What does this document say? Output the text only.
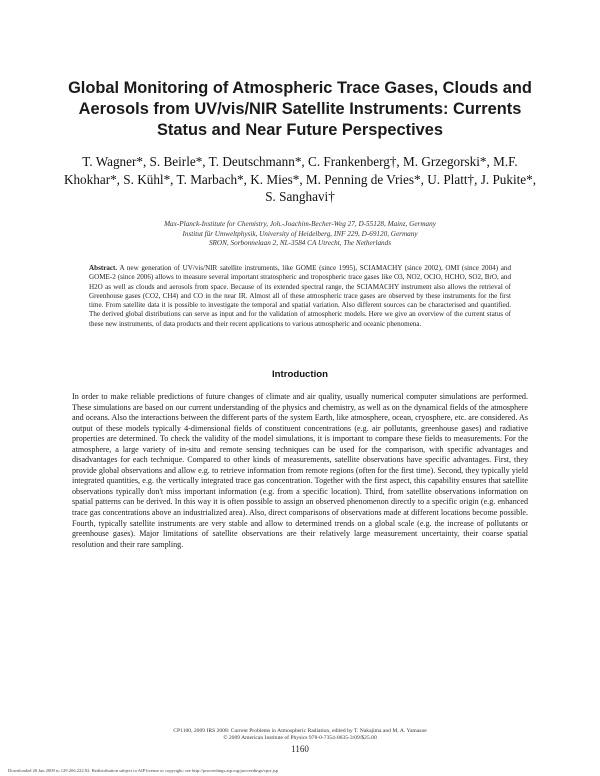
Global Monitoring of Atmospheric Trace Gases, Clouds and Aerosols from UV/vis/NIR Satellite Instruments: Currents Status and Near Future Perspectives
T. Wagner*, S. Beirle*, T. Deutschmann*, C. Frankenberg†, M. Grzegorski*, M.F. Khokhar*, S. Kühl*, T. Marbach*, K. Mies*, M. Penning de Vries*, U. Platt†, J. Pukite*, S. Sanghavi†
Max-Planck-Institute for Chemistry, Joh.-Joachim-Becher-Weg 27, D-55128, Mainz, Germany
Institut für Umweltphysik, University of Heidelberg, INF 229, D-69120, Germany
SRON, Sorbonnelaan 2, NL-3584 CA Utrecht, The Netherlands
Abstract. A new generation of UV/vis/NIR satellite instruments, like GOME (since 1995), SCIAMACHY (since 2002), OMI (since 2004) and GOME-2 (since 2006) allows to measure several important stratospheric and tropospheric trace gases like O3, NO2, OClO, HCHO, SO2, BrO, and H2O as well as clouds and aerosols from space. Because of its extended spectral range, the SCIAMACHY instrument also allows the retrieval of Greenhouse gases (CO2, CH4) and CO in the near IR. Almost all of these atmospheric trace gases are observed by these instruments for the first time. From satellite data it is possible to investigate the temporal and spatial variation. Also different sources can be characterised and quantified. The derived global distributions can serve as input and for the validation of atmospheric models. Here we give an overview of the current status of these new instruments, of data products and their recent applications to various atmospheric and oceanic phenomena.
Introduction
In order to make reliable predictions of future changes of climate and air quality, usually numerical computer simulations are performed. These simulations are based on our current understanding of the physics and chemistry, as well as on the dynamical fields of the atmosphere and oceans. Also the interactions between the different parts of the system Earth, like atmosphere, ocean, cryosphere, etc. are considered. As output of these models typically 4-dimensional fields of constituent concentrations (e.g. air pollutants, greenhouse gases) and radiative properties are determined. To check the validity of the model simulations, it is important to compare these fields to measurements. For the atmosphere, a large variety of in-situ and remote sensing techniques can be used for the comparison, with specific advantages and disadvantages for each technique. Compared to other kinds of measurements, satellite observations have specific advantages. First, they provide global observations and allow e.g. to retrieve information from remote regions (often for the first time). Second, they typically yield integrated quantities, e.g. the vertically integrated trace gas concentration. Together with the first aspect, this capability ensures that satellite observations typically don't miss important information (e.g. from a specific location). Third, from satellite observations information on spatial patterns can be derived. In this way it is often possible to assign an observed phenomenon directly to a specific origin (e.g. enhanced trace gas concentrations above an industrialized area). Also, direct comparisons of observations made at different locations become possible. Fourth, typically satellite instruments are very stable and allow to determined trends on a global scale (e.g. the increase of pollutants or greenhouse gases). Major limitations of satellite observations are their relatively large measurement uncertainty, their coarse spatial resolution and their rare sampling.
CP1100, 2009 IRS 2008: Current Problems in Atmospheric Radiation, edited by T. Nakajima and M. A. Yamasoe
© 2009 American Institute of Physics 978-0-7354-0635-3/09/$25.00
1160
Downloaded 26 Jan 2009 to 129.206.222.92. Redistribution subject to AIP license or copyright; see http://proceedings.aip.org/proceedings/cpcr.jsp
